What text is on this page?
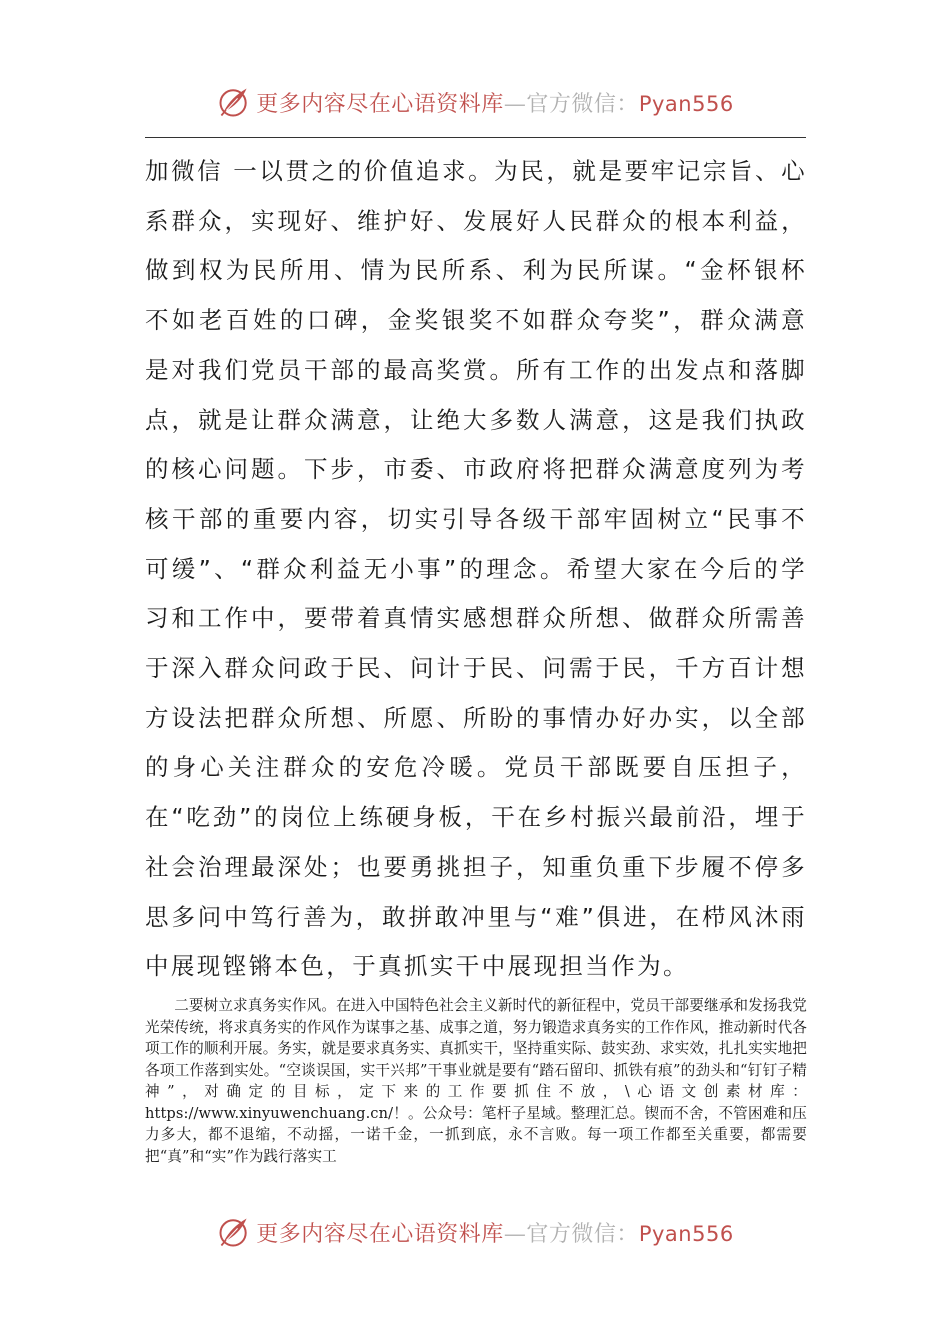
更多内容尽在心语资料库—官方微信：Pyan556

加微信 一以贯之的价值追求。为民，就是要牢记宗旨、心系群众，实现好、维护好、发展好人民群众的根本利益，做到权为民所用、情为民所系、利为民所谋。“金杯银杯不如老百姓的口碑，金奖银奖不如群众夸奖”，群众满意是对我们党员干部的最高奖赏。所有工作的出发点和落脚点，就是让群众满意，让绝大多数人满意，这是我们执政的核心问题。下步，市委、市政府将把群众满意度列为考核干部的重要内容，切实引导各级干部牢固树立“民事不可缓”、“群众利益无小事”的理念。希望大家在今后的学习和工作中，要带着真情实感想群众所想、做群众所需善于深入群众问政于民、问计于民、问需于民，千方百计想方设法把群众所想、所愿、所盼的事情办好办实，以全部的身心关注群众的安危冷暖。党员干部既要自压担子，在“吃劲”的岗位上练硬身板，干在乡村振兴最前沿，埋于社会治理最深处；也要勇挑担子，知重负重下步履不停多思多问中笃行善为，敢拼敢冲里与“难”俱进，在栉风沐雨中展现铿锵本色，于真抓实干中展现担当作为。

二要树立求真务实作风。在进入中国特色社会主义新时代的新征程中，党员干部要继承和发扬我党光荣传统，将求真务实的作风作为谋事之基、成事之道，努力锻造求真务实的工作作风，推动新时代各项工作的顺利开展。务实，就是要求真务实、真抓实干，坚持重实际、鼓实劲、求实效，扎扎实实地把各项工作落到实处。“空谈误国，实干兴邦”干事业就是要有“踏石留印、抓铁有痕”的劲头和“钉钉子精神”，对确定的目标，定下来的工作要抓住不放，\心语文创素材库：https://www.xinyuwenchuang.cn/！。公众号：笔杆子星域。整理汇总。锲而不舍，不管困难和压力多大，都不退缩，不动摇，一诺千金，一抓到底，永不言败。每一项工作都至关重要，都需要把“真”和“实”作为践行落实工

更多内容尽在心语资料库—官方微信：Pyan556
